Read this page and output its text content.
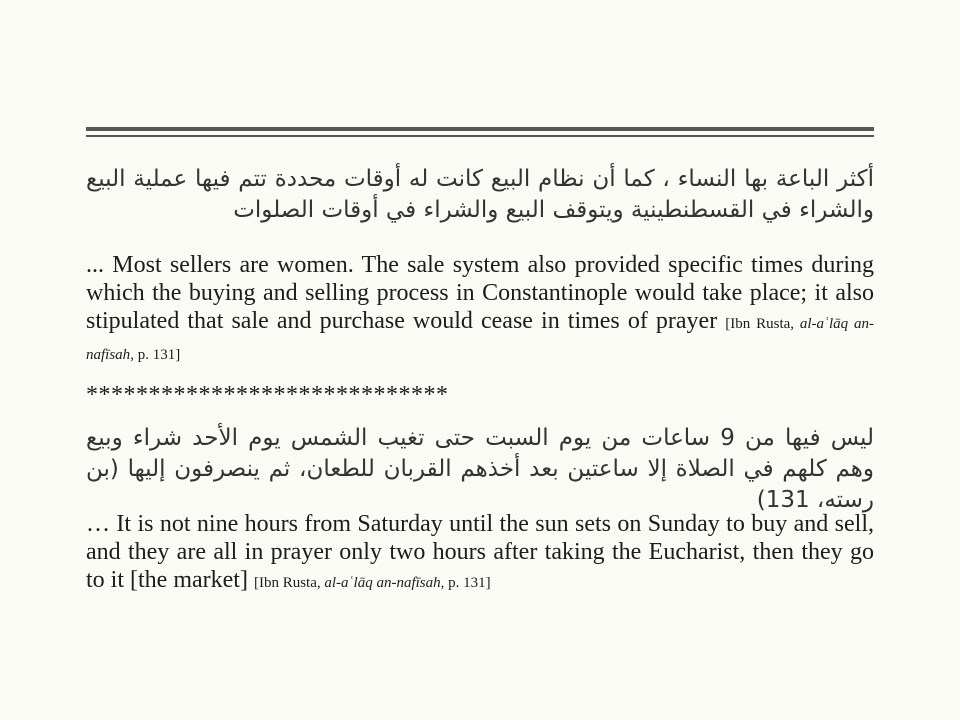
أكثر الباعة بها النساء ، كما أن نظام البيع كانت له أوقات محددة تتم فيها عملية البيع والشراء في القسطنطينية ويتوقف البيع والشراء في أوقات الصلوات

... Most sellers are women. The sale system also provided specific times during which the buying and selling process in Constantinople would take place; it also stipulated that sale and purchase would cease in times of prayer [Ibn Rusta, al-aʿlāq an-nafīsah, p. 131]

*****************************

ليس فيها من 9 ساعات من يوم السبت حتى تغيب الشمس يوم الأحد شراء وبيع وهم كلهم في الصلاة إلا ساعتين بعد أخذهم القربان للطعان، ثم ينصرفون إليها (بن رسته، 131)

… It is not nine hours from Saturday until the sun sets on Sunday to buy and sell, and they are all in prayer only two hours after taking the Eucharist, then they go to it [the market] [Ibn Rusta, al-aʿlāq an-nafīsah, p. 131]
